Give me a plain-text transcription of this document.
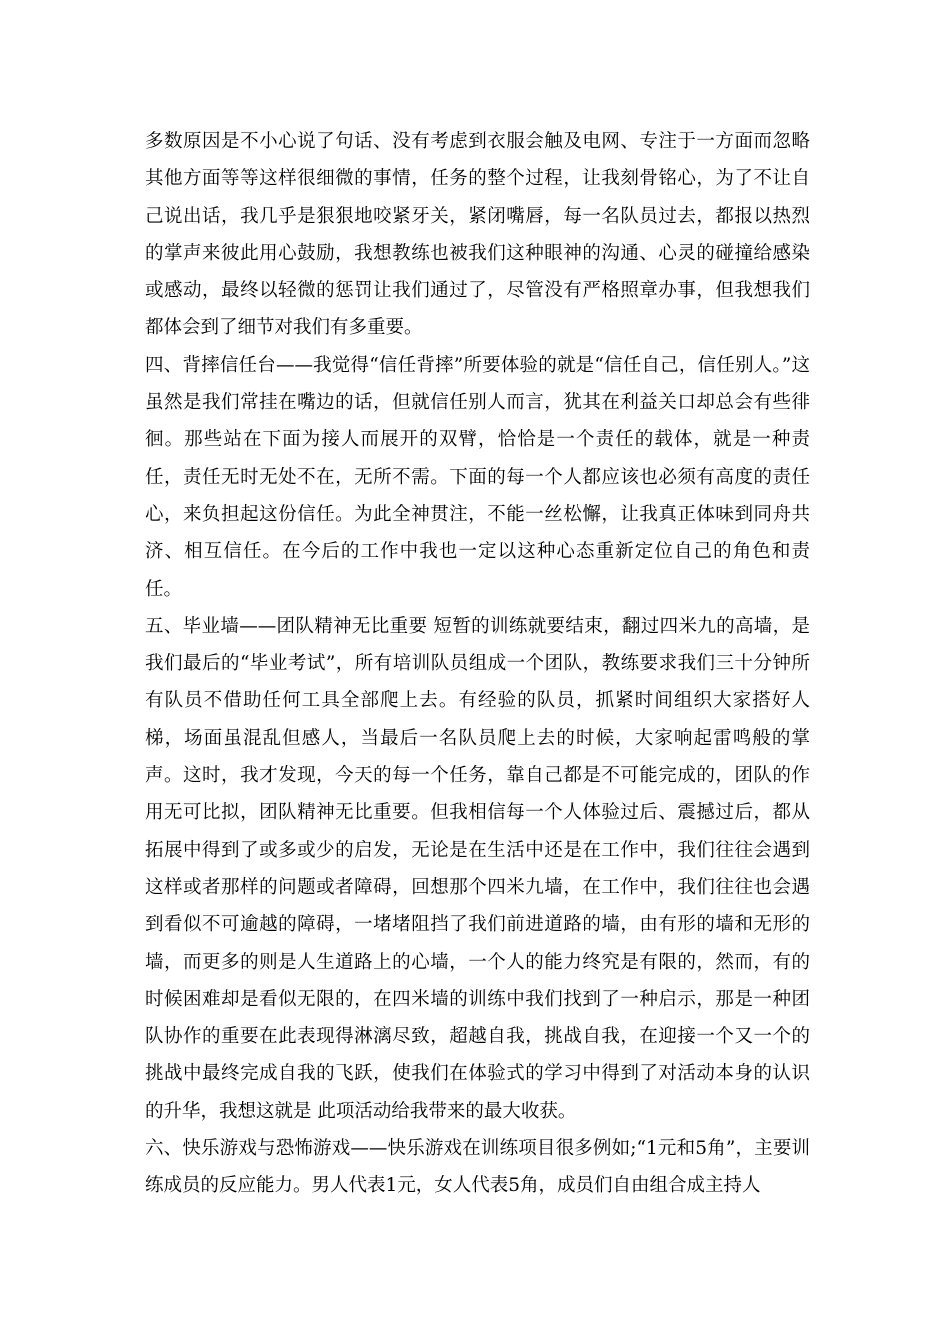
多数原因是不小心说了句话、没有考虑到衣服会触及电网、专注于一方面而忽略其他方面等等这样很细微的事情，任务的整个过程，让我刻骨铭心，为了不让自己说出话，我几乎是狠狠地咬紧牙关，紧闭嘴唇，每一名队员过去，都报以热烈的掌声来彼此用心鼓励，我想教练也被我们这种眼神的沟通、心灵的碰撞给感染或感动，最终以轻微的惩罚让我们通过了，尽管没有严格照章办事，但我想我们都体会到了细节对我们有多重要。

四、背摔信任台——我觉得“信任背摔”所要体验的就是“信任自己，信任别人。”这虽然是我们常挂在嘴边的话，但就信任别人而言，犹其在利益关口却总会有些徘徊。那些站在下面为接人而展开的双臂，恰恰是一个责任的载体，就是一种责任，责任无时无处不在，无所不需。下面的每一个人都应该也必须有高度的责任心，来负担起这份信任。为此全神贯注，不能一丝松懈，让我真正体味到同舟共济、相互信任。在今后的工作中我也一定以这种心态重新定位自己的角色和责任。

五、毕业墙——团队精神无比重要 短暂的训练就要结束，翻过四米九的高墙，是我们最后的“毕业考试”，所有培训队员组成一个团队，教练要求我们三十分钟所有队员不借助任何工具全部爬上去。有经验的队员，抓紧时间组织大家搭好人梯，场面虽混乱但感人，当最后一名队员爬上去的时候，大家响起雷鸣般的掌声。这时，我才发现，今天的每一个任务，靠自己都是不可能完成的，团队的作用无可比拟，团队精神无比重要。但我相信每一个人体验过后、震撼过后，都从拓展中得到了或多或少的启发，无论是在生活中还是在工作中，我们往往会遇到这样或者那样的问题或者障碍，回想那个四米九墙，在工作中，我们往往也会遇到看似不可逾越的障碍，一堵堵阻挡了我们前进道路的墙，由有形的墙和无形的墙，而更多的则是人生道路上的心墙，一个人的能力终究是有限的，然而，有的时候困难却是看似无限的，在四米墙的训练中我们找到了一种启示，那是一种团队协作的重要在此表现得淋漓尽致，超越自我，挑战自我，在迎接一个又一个的挑战中最终完成自我的飞跃，使我们在体验式的学习中得到了对活动本身的认识的升华，我想这就是 此项活动给我带来的最大收获。

六、快乐游戏与恐怖游戏——快乐游戏在训练项目很多例如;“1元和5角”，主要训练成员的反应能力。男人代表1元，女人代表5角，成员们自由组合成主持人
